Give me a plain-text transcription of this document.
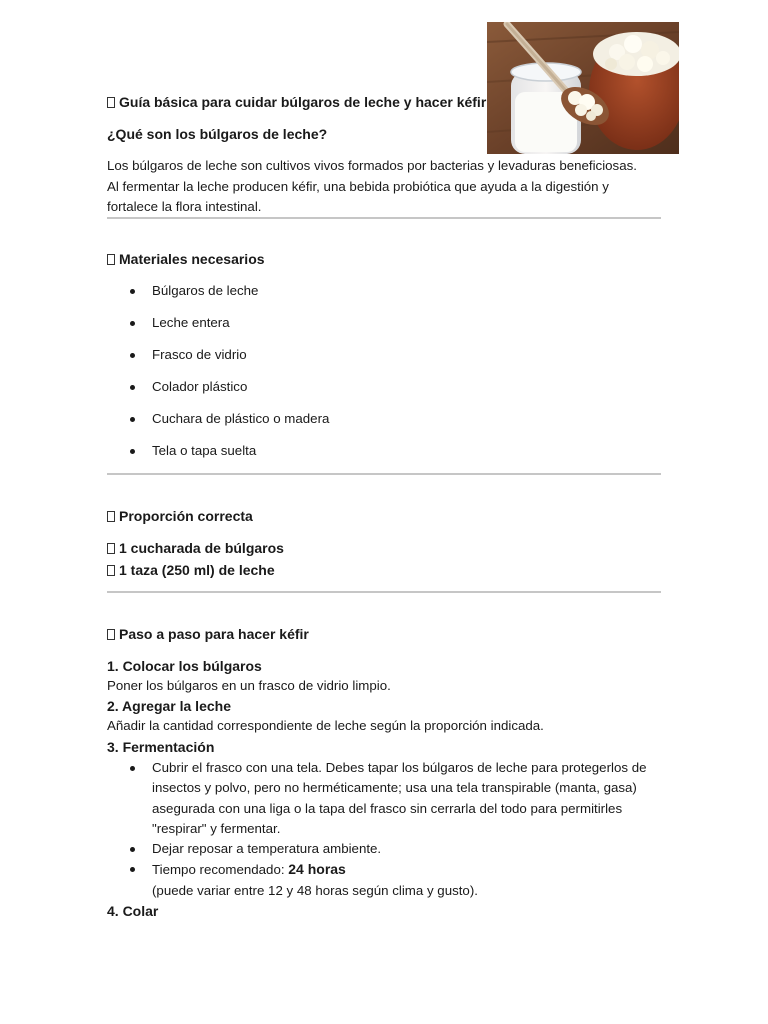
Guía básica para cuidar búlgaros de leche y hacer kéfir
¿Qué son los búlgaros de leche?
Los búlgaros de leche son cultivos vivos formados por bacterias y levaduras beneficiosas.
Al fermentar la leche producen kéfir, una bebida probiótica que ayuda a la digestión y
fortalece la flora intestinal.
Materiales necesarios
Búlgaros de leche
Leche entera
Frasco de vidrio
Colador plástico
Cuchara de plástico o madera
Tela o tapa suelta
Proporción correcta
1 cucharada de búlgaros
1 taza (250 ml) de leche
Paso a paso para hacer kéfir
1. Colocar los búlgaros
Poner los búlgaros en un frasco de vidrio limpio.
2. Agregar la leche
Añadir la cantidad correspondiente de leche según la proporción indicada.
3. Fermentación
Cubrir el frasco con una tela. Debes tapar los búlgaros de leche para protegerlos de
insectos y polvo, pero no herméticamente; usa una tela transpirable (manta, gasa)
asegurada con una liga o la tapa del frasco sin cerrarla del todo para permitirles
"respirar" y fermentar.
Dejar reposar a temperatura ambiente.
Tiempo recomendado: 24 horas
(puede variar entre 12 y 48 horas según clima y gusto).
4. Colar
